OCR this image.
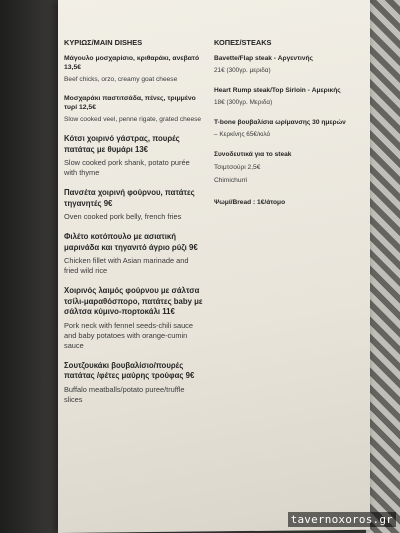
ΚΥΡΙΩΣ/MAIN DISHES
Μάγουλο μοσχαρίσιο, κριθαράκι, ανεβατό 13,5€
Beef chicks, orzo, creamy goat cheese
Μοσχαράκι παστιτσάδα, πένες, τριμμένο τυρί 12,5€
Slow cooked veel, penne rigate, grated cheese
Κότσι χοιρινό γάστρας, πουρές πατάτας με θυμάρι 13€
Slow cooked pork shank, potato purée with thyme
Πανσέτα χοιρινή φούρνου, πατάτες τηγανητές 9€
Oven cooked pork belly, french fries
Φιλέτο κοτόπουλο με ασιατική μαρινάδα και τηγανιτό άγριο ρύζι 9€
Chicken fillet with Asian marinade and fried wild rice
Χοιρινός λαιμός φούρνου με σάλτσα τσίλι-μαραθόσπορο, πατάτες baby με σάλτσα κύμινο-πορτοκάλι 11€
Pork neck with fennel seeds-chili sauce and baby potatoes with orange-cumin sauce
Σουτζουκάκι βουβαλίσιο/πουρές πατάτας /φέτες μαύρης τρούφας 9€
Buffalo meatballs/potato puree/truffle slices
ΚΟΠΕΣ/STEAKS
Bavette/Flap steak - Αργεντινής
21€ (300γρ. μεριδα)
Heart Rump steak/Top Sirloin - Αμερικής
18€ (300γρ. Μεριδα)
T-bone βουβαλίσια ωρίμανσης 30 ημερών
– Κερκίνης 65€/κιλό
Συνοδευτικά για το steak
Τσιμτσούρι 2,5€
Chimichurri
Ψωμί/Bread : 1€/άτομο
tavernoxoros.gr
